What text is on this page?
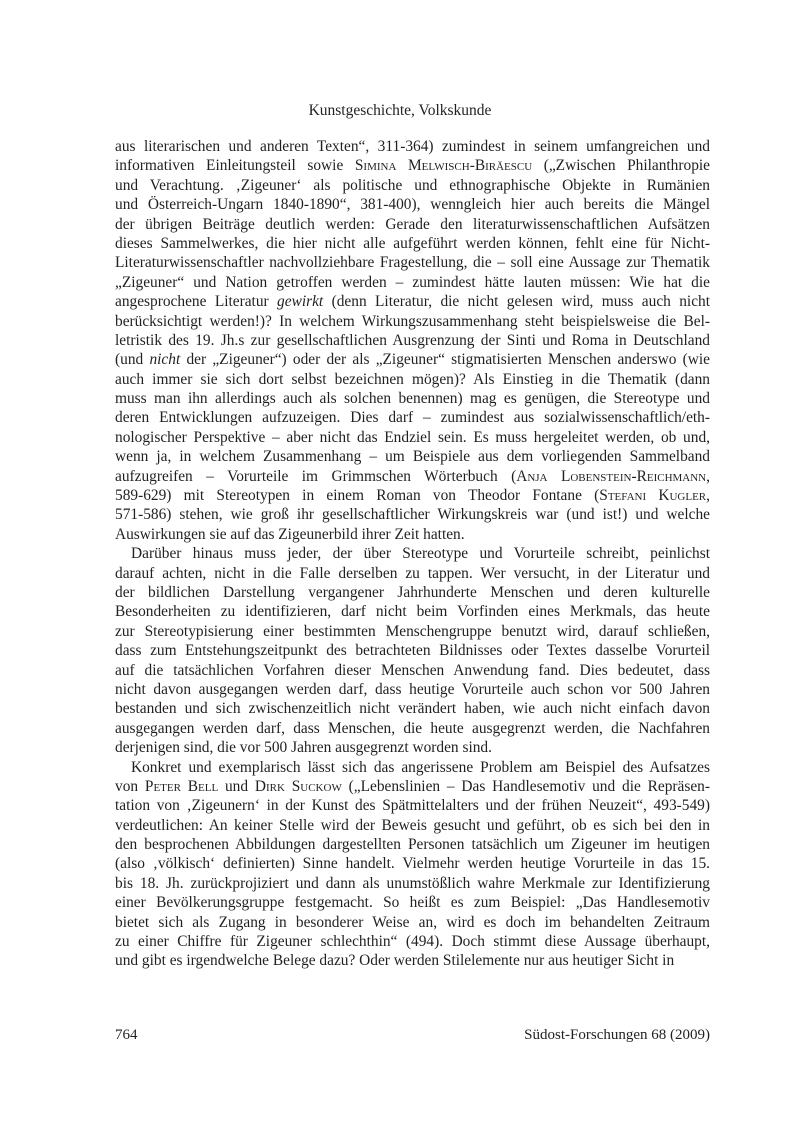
Kunstgeschichte, Volkskunde
aus literarischen und anderen Texten“, 311-364) zumindest in seinem umfangreichen und
informativen Einleitungsteil sowie Simina Melwisch-Birăescu („Zwischen Philanthropie
und Verachtung. ‚Zigeuner‘ als politische und ethnographische Objekte in Rumänien
und Österreich-Ungarn 1840-1890“, 381-400), wenngleich hier auch bereits die Mängel
der übrigen Beiträge deutlich werden: Gerade den literaturwissenschaftlichen Aufsätzen
dieses Sammelwerkes, die hier nicht alle aufgeführt werden können, fehlt eine für Nicht-
Literaturwissenschaftler nachvollziehbare Fragestellung, die – soll eine Aussage zur Thematik
„Zigeuner“ und Nation getroffen werden – zumindest hätte lauten müssen: Wie hat die
angesprochene Literatur gewirkt (denn Literatur, die nicht gelesen wird, muss auch nicht
berücksichtigt werden!)? In welchem Wirkungszusammenhang steht beispielsweise die Bel-
letristik des 19. Jh.s zur gesellschaftlichen Ausgrenzung der Sinti und Roma in Deutschland
(und nicht der „Zigeuner“) oder der als „Zigeuner“ stigmatisierten Menschen anderswo (wie
auch immer sie sich dort selbst bezeichnen mögen)? Als Einstieg in die Thematik (dann
muss man ihn allerdings auch als solchen benennen) mag es genügen, die Stereotype und
deren Entwicklungen aufzuzeigen. Dies darf – zumindest aus sozialwissenschaftlich/eth-
nologischer Perspektive – aber nicht das Endziel sein. Es muss hergeleitet werden, ob und,
wenn ja, in welchem Zusammenhang – um Beispiele aus dem vorliegenden Sammelband
aufzugreifen – Vorurteile im Grimmschen Wörterbuch (Anja Lobenstein-Reichmann,
589-629) mit Stereotypen in einem Roman von Theodor Fontane (Stefani Kugler,
571-586) stehen, wie groß ihr gesellschaftlicher Wirkungskreis war (und ist!) und welche
Auswirkungen sie auf das Zigeunerbild ihrer Zeit hatten.
Darüber hinaus muss jeder, der über Stereotype und Vorurteile schreibt, peinlichst
darauf achten, nicht in die Falle derselben zu tappen. Wer versucht, in der Literatur und
der bildlichen Darstellung vergangener Jahrhunderte Menschen und deren kulturelle
Besonderheiten zu identifizieren, darf nicht beim Vorfinden eines Merkmals, das heute
zur Stereotypisierung einer bestimmten Menschengruppe benutzt wird, darauf schließen,
dass zum Entstehungszeitpunkt des betrachteten Bildnisses oder Textes dasselbe Vorurteil
auf die tatsächlichen Vorfahren dieser Menschen Anwendung fand. Dies bedeutet, dass
nicht davon ausgegangen werden darf, dass heutige Vorurteile auch schon vor 500 Jahren
bestanden und sich zwischenzeitlich nicht verändert haben, wie auch nicht einfach davon
ausgegangen werden darf, dass Menschen, die heute ausgegrenzt werden, die Nachfahren
derjenigen sind, die vor 500 Jahren ausgegrenzt worden sind.
Konkret und exemplarisch lässt sich das angerissene Problem am Beispiel des Aufsatzes
von Peter Bell und Dirk Suckow („Lebenslinien – Das Handlesemotiv und die Repräsen-
tation von ‚Zigeunern‘ in der Kunst des Spätmittelalters und der frühen Neuzeit“, 493-549)
verdeutlichen: An keiner Stelle wird der Beweis gesucht und geführt, ob es sich bei den in
den besprochenen Abbildungen dargestellten Personen tatsächlich um Zigeuner im heutigen
(also ‚völkisch‘ definierten) Sinne handelt. Vielmehr werden heutige Vorurteile in das 15.
bis 18. Jh. zurückprojiziert und dann als unumstößlich wahre Merkmale zur Identifizierung
einer Bevölkerungsgruppe festgemacht. So heißt es zum Beispiel: „Das Handlesemotiv
bietet sich als Zugang in besonderer Weise an, wird es doch im behandelten Zeitraum
zu einer Chiffre für Zigeuner schlechthin“ (494). Doch stimmt diese Aussage überhaupt,
und gibt es irgendwelche Belege dazu? Oder werden Stilelemente nur aus heutiger Sicht in
764	Südost-Forschungen 68 (2009)
